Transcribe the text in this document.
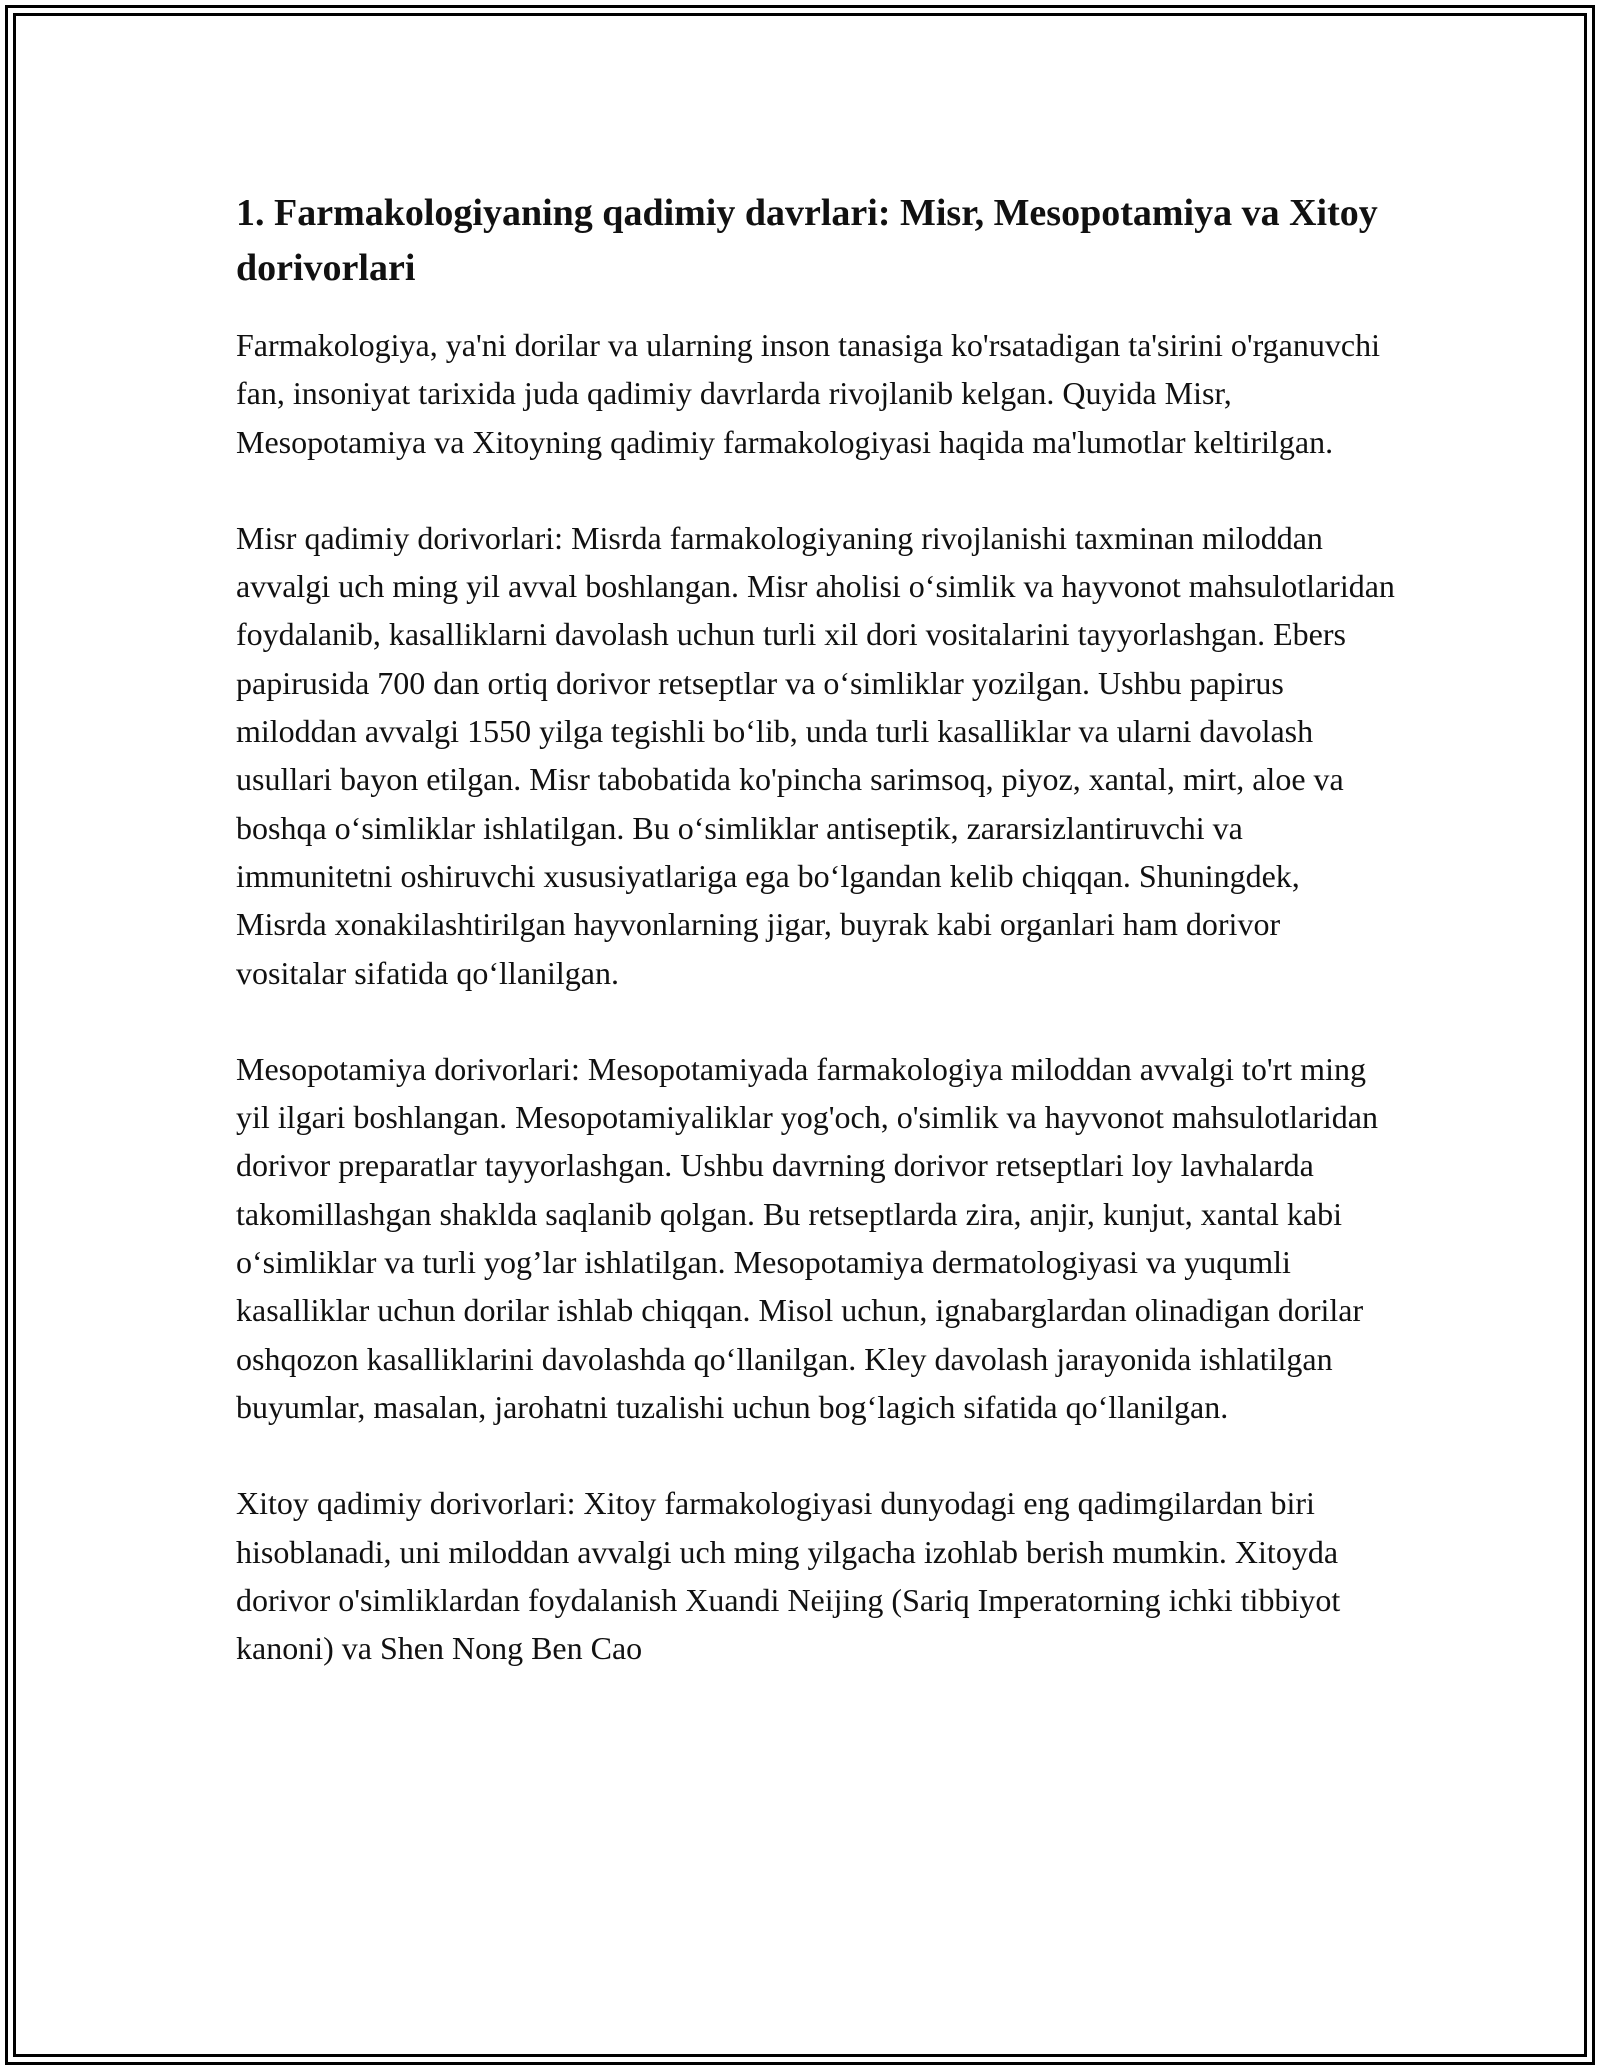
1. Farmakologiyaning qadimiy davrlari: Misr, Mesopotamiya va Xitoy dorivorlari

Farmakologiya, ya'ni dorilar va ularning inson tanasiga ko'rsatadigan ta'sirini o'rganuvchi fan, insoniyat tarixida juda qadimiy davrlarda rivojlanib kelgan. Quyida Misr, Mesopotamiya va Xitoyning qadimiy farmakologiyasi haqida ma'lumotlar keltirilgan.

Misr qadimiy dorivorlari: Misrda farmakologiyaning rivojlanishi taxminan miloddan avvalgi uch ming yil avval boshlangan. Misr aholisi o‘simlik va hayvonot mahsulotlaridan foydalanib, kasalliklarni davolash uchun turli xil dori vositalarini tayyorlashgan. Ebers papirusida 700 dan ortiq dorivor retseptlar va o‘simliklar yozilgan. Ushbu papirus miloddan avvalgi 1550 yilga tegishli bo‘lib, unda turli kasalliklar va ularni davolash usullari bayon etilgan. Misr tabobatida ko'pincha sarimsoq, piyoz, xantal, mirt, aloe va boshqa o‘simliklar ishlatilgan. Bu o‘simliklar antiseptik, zararsizlantiruvchi va immunitetni oshiruvchi xususiyatlariga ega bo‘lgandan kelib chiqqan. Shuningdek, Misrda xonakilashtirilgan hayvonlarning jigar, buyrak kabi organlari ham dorivor vositalar sifatida qo‘llanilgan.

Mesopotamiya dorivorlari: Mesopotamiyada farmakologiya miloddan avvalgi to'rt ming yil ilgari boshlangan. Mesopotamiyaliklar yog'och, o'simlik va hayvonot mahsulotlaridan dorivor preparatlar tayyorlashgan. Ushbu davrning dorivor retseptlari loy lavhalarda takomillashgan shaklda saqlanib qolgan. Bu retseptlarda zira, anjir, kunjut, xantal kabi o‘simliklar va turli yog’lar ishlatilgan. Mesopotamiya dermatologiyasi va yuqumli kasalliklar uchun dorilar ishlab chiqqan. Misol uchun, ignabarglardan olinadigan dorilar oshqozon kasalliklarini davolashda qo‘llanilgan. Kley davolash jarayonida ishlatilgan buyumlar, masalan, jarohatni tuzalishi uchun bog‘lagich sifatida qo‘llanilgan.

Xitoy qadimiy dorivorlari: Xitoy farmakologiyasi dunyodagi eng qadimgilardan biri hisoblanadi, uni miloddan avvalgi uch ming yilgacha izohlab berish mumkin. Xitoyda dorivor o'simliklardan foydalanish Xuandi Neijing (Sariq Imperatorning ichki tibbiyot kanoni) va Shen Nong Ben Cao
